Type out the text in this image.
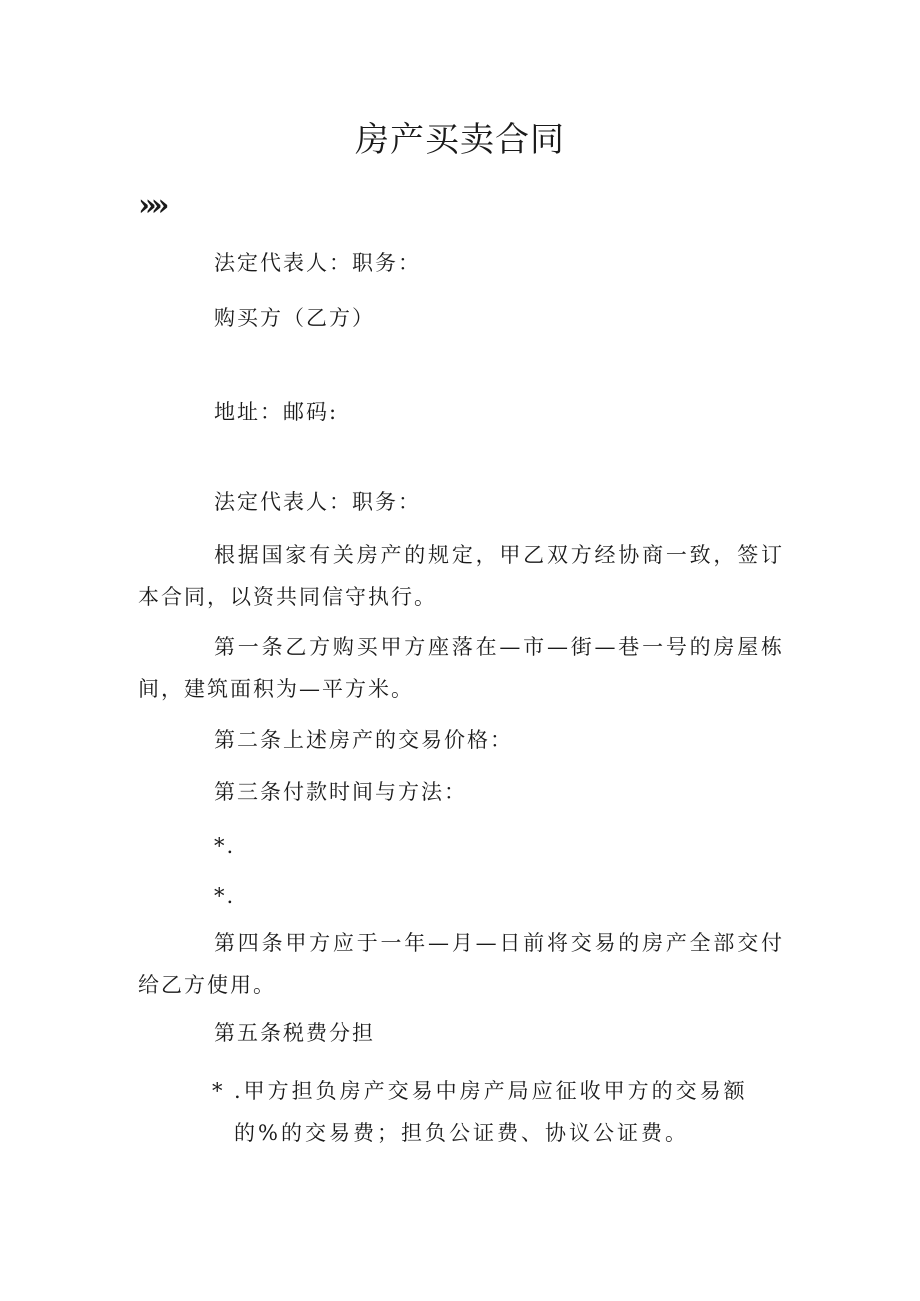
房产买卖合同
»»
法定代表人：职务：
购买方（乙方）
地址：邮码:
法定代表人：职务：
根据国家有关房产的规定，甲乙双方经协商一致，签订本合同，以资共同信守执行。
第一条乙方购买甲方座落在—市—街—巷一号的房屋栋间，建筑面积为—平方米。
第二条上述房产的交易价格：
第三条付款时间与方法：
*.
*.
第四条甲方应于一年—月—日前将交易的房产全部交付给乙方使用。
第五条税费分担
* .甲方担负房产交易中房产局应征收甲方的交易额的%的交易费；担负公证费、协议公证费。
